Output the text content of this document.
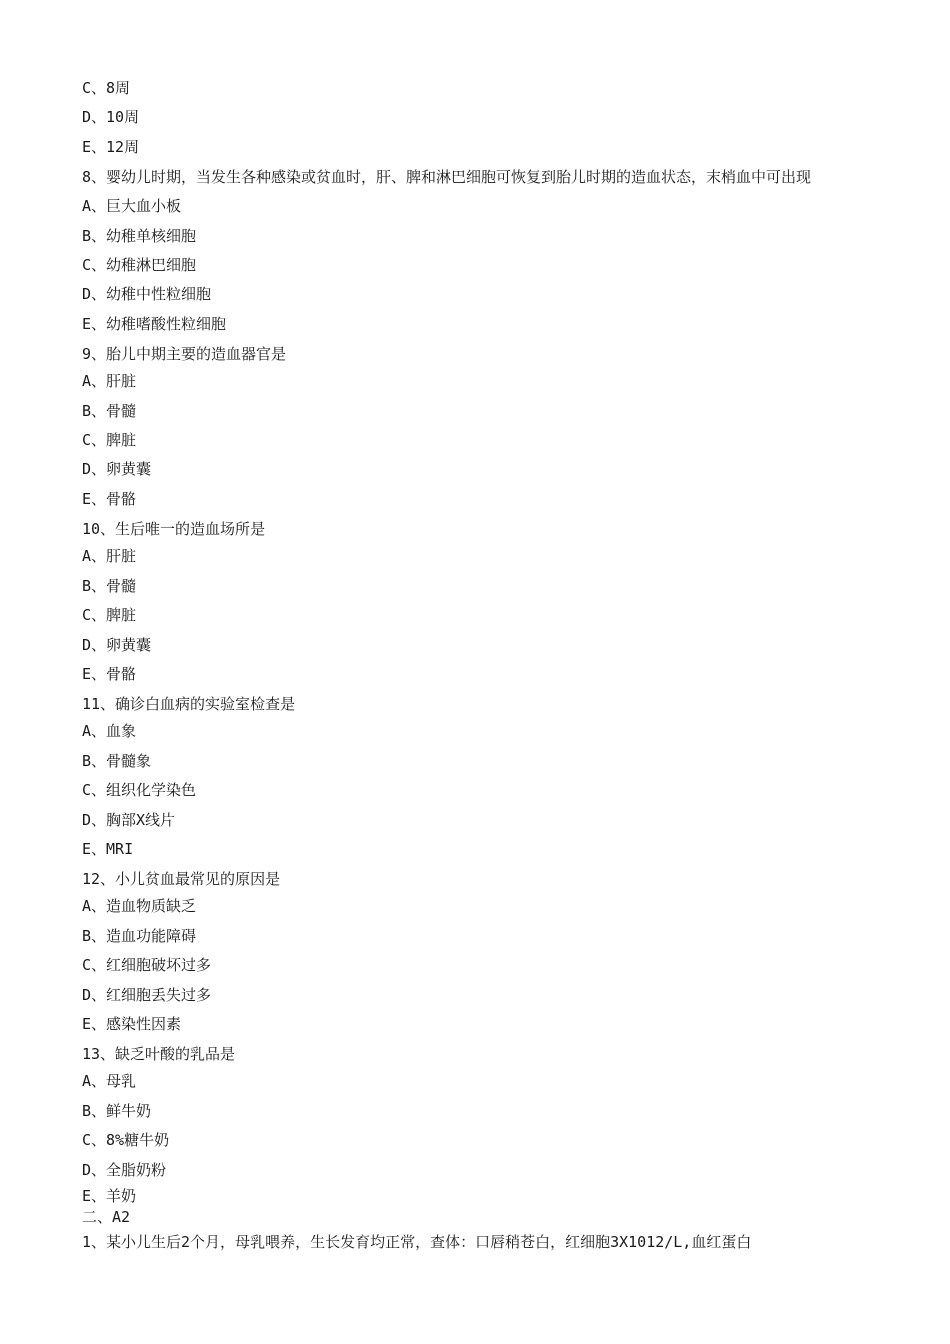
C、8周
D、10周
E、12周
8、婴幼儿时期，当发生各种感染或贫血时，肝、脾和淋巴细胞可恢复到胎儿时期的造血状态，末梢血中可出现
A、巨大血小板
B、幼稚单核细胞
C、幼稚淋巴细胞
D、幼稚中性粒细胞
E、幼稚嗜酸性粒细胞
9、胎儿中期主要的造血器官是
A、肝脏
B、骨髓
C、脾脏
D、卵黄囊
E、骨骼
10、生后唯一的造血场所是
A、肝脏
B、骨髓
C、脾脏
D、卵黄囊
E、骨骼
11、确诊白血病的实验室检查是
A、血象
B、骨髓象
C、组织化学染色
D、胸部X线片
E、MRI
12、小儿贫血最常见的原因是
A、造血物质缺乏
B、造血功能障碍
C、红细胞破坏过多
D、红细胞丢失过多
E、感染性因素
13、缺乏叶酸的乳品是
A、母乳
B、鲜牛奶
C、8%糖牛奶
D、全脂奶粉
E、羊奶
二、A2
1、某小儿生后2个月，母乳喂养，生长发育均正常，查体：口唇稍苍白，红细胞3X1012/L,血红蛋白
